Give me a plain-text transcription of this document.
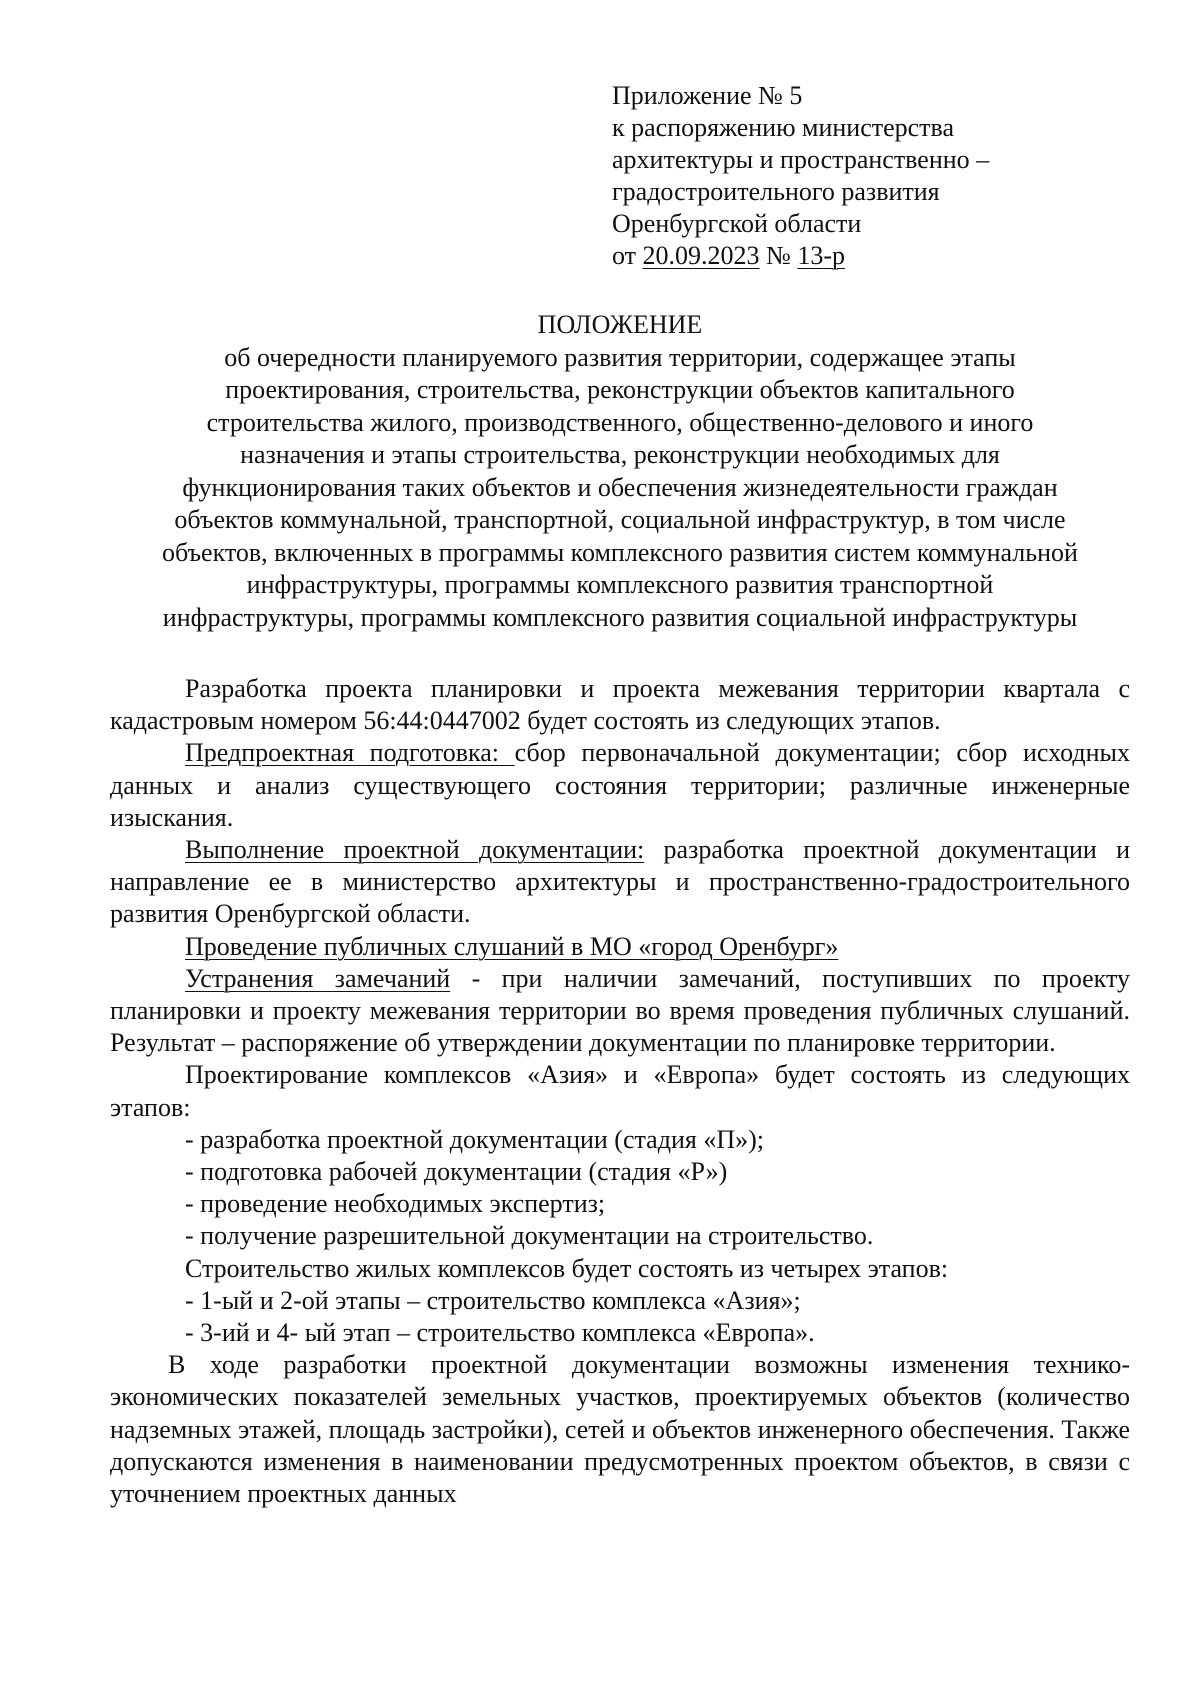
Приложение № 5
к распоряжению министерства
архитектуры и пространственно –
градостроительного развития
Оренбургской области
от 20.09.2023 № 13-р
ПОЛОЖЕНИЕ
об очередности планируемого развития территории, содержащее этапы
проектирования, строительства, реконструкции объектов капитального
строительства жилого, производственного, общественно-делового и иного
назначения и этапы строительства, реконструкции необходимых для
функционирования таких объектов и обеспечения жизнедеятельности граждан
объектов коммунальной, транспортной, социальной инфраструктур, в том числе
объектов, включенных в программы комплексного развития систем коммунальной
инфраструктуры, программы комплексного развития транспортной
инфраструктуры, программы комплексного развития социальной инфраструктуры

Разработка проекта планировки и проекта межевания территории квартала с кадастровым номером 56:44:0447002 будет состоять из следующих этапов.

Предпроектная подготовка: сбор первоначальной документации; сбор исходных данных и анализ существующего состояния территории; различные инженерные изыскания.

Выполнение проектной документации: разработка проектной документации и направление ее в министерство архитектуры и пространственно-градостроительного развития Оренбургской области.

Проведение публичных слушаний в МО «город Оренбург»

Устранения замечаний - при наличии замечаний, поступивших по проекту планировки и проекту межевания территории во время проведения публичных слушаний. Результат – распоряжение об утверждении документации по планировке территории.

Проектирование комплексов «Азия» и «Европа» будет состоять из следующих этапов:

- разработка проектной документации (стадия «П»);

- подготовка рабочей документации (стадия «Р»)

- проведение необходимых экспертиз;

- получение разрешительной документации на строительство.

Строительство жилых комплексов будет состоять из четырех этапов:

- 1-ый и 2-ой этапы – строительство комплекса «Азия»;

- 3-ий и 4- ый этап – строительство комплекса «Европа».

В ходе разработки проектной документации возможны изменения технико-экономических показателей земельных участков, проектируемых объектов (количество надземных этажей, площадь застройки), сетей и объектов инженерного обеспечения. Также допускаются изменения в наименовании предусмотренных проектом объектов, в связи с уточнением проектных данных
